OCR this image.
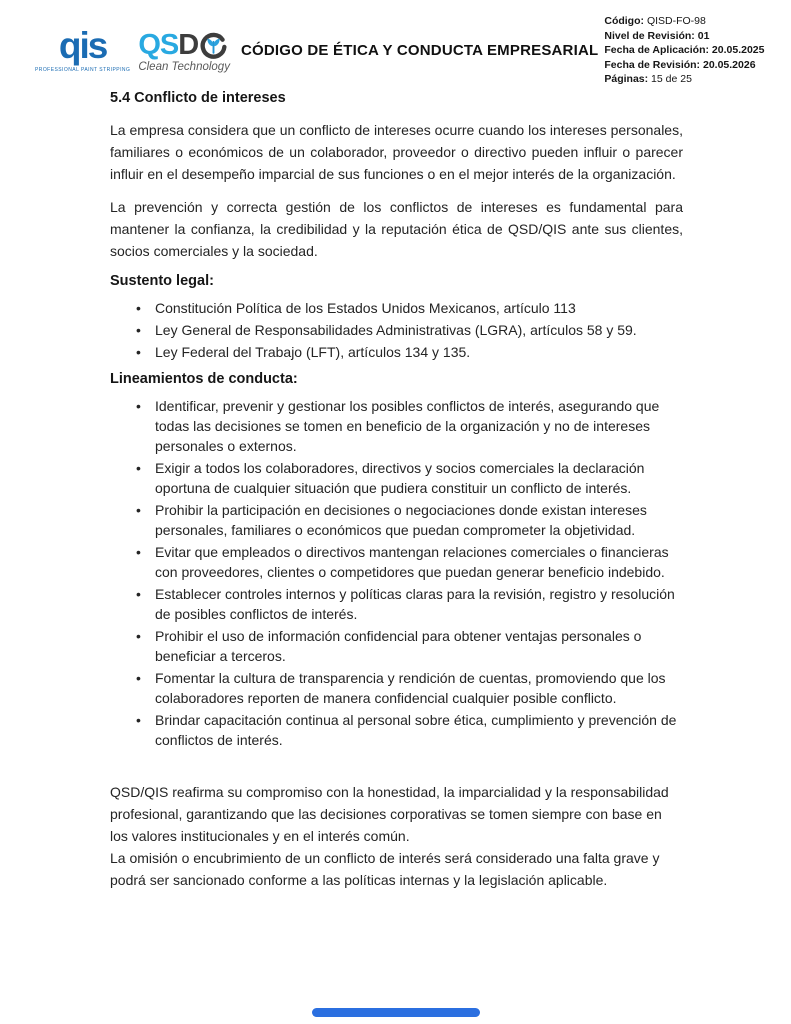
qis
PROFESSIONAL PAINT STRIPPING
QS D
Clean Technology
CÓDIGO DE ÉTICA Y CONDUCTA EMPRESARIAL
Código: QISD-FO-98
Nivel de Revisión: 01
Fecha de Aplicación: 20.05.2025
Fecha de Revisión: 20.05.2026
Páginas: 15 de 25
5.4 Conflicto de intereses

La empresa considera que un conflicto de intereses ocurre cuando los intereses personales, familiares o económicos de un colaborador, proveedor o directivo pueden influir o parecer influir en el desempeño imparcial de sus funciones o en el mejor interés de la organización.

La prevención y correcta gestión de los conflictos de intereses es fundamental para mantener la confianza, la credibilidad y la reputación ética de QSD/QIS ante sus clientes, socios comerciales y la sociedad.

Sustento legal:
• Constitución Política de los Estados Unidos Mexicanos, artículo 113
• Ley General de Responsabilidades Administrativas (LGRA), artículos 58 y 59.
• Ley Federal del Trabajo (LFT), artículos 134 y 135.
Lineamientos de conducta:
• Identificar, prevenir y gestionar los posibles conflictos de interés, asegurando que todas las decisiones se tomen en beneficio de la organización y no de intereses personales o externos.
• Exigir a todos los colaboradores, directivos y socios comerciales la declaración oportuna de cualquier situación que pudiera constituir un conflicto de interés.
• Prohibir la participación en decisiones o negociaciones donde existan intereses personales, familiares o económicos que puedan comprometer la objetividad.
• Evitar que empleados o directivos mantengan relaciones comerciales o financieras con proveedores, clientes o competidores que puedan generar beneficio indebido.
• Establecer controles internos y políticas claras para la revisión, registro y resolución de posibles conflictos de interés.
• Prohibir el uso de información confidencial para obtener ventajas personales o beneficiar a terceros.
• Fomentar la cultura de transparencia y rendición de cuentas, promoviendo que los colaboradores reporten de manera confidencial cualquier posible conflicto.
• Brindar capacitación continua al personal sobre ética, cumplimiento y prevención de conflictos de interés.

QSD/QIS reafirma su compromiso con la honestidad, la imparcialidad y la responsabilidad profesional, garantizando que las decisiones corporativas se tomen siempre con base en los valores institucionales y en el interés común.

La omisión o encubrimiento de un conflicto de interés será considerado una falta grave y podrá ser sancionado conforme a las políticas internas y la legislación aplicable.
